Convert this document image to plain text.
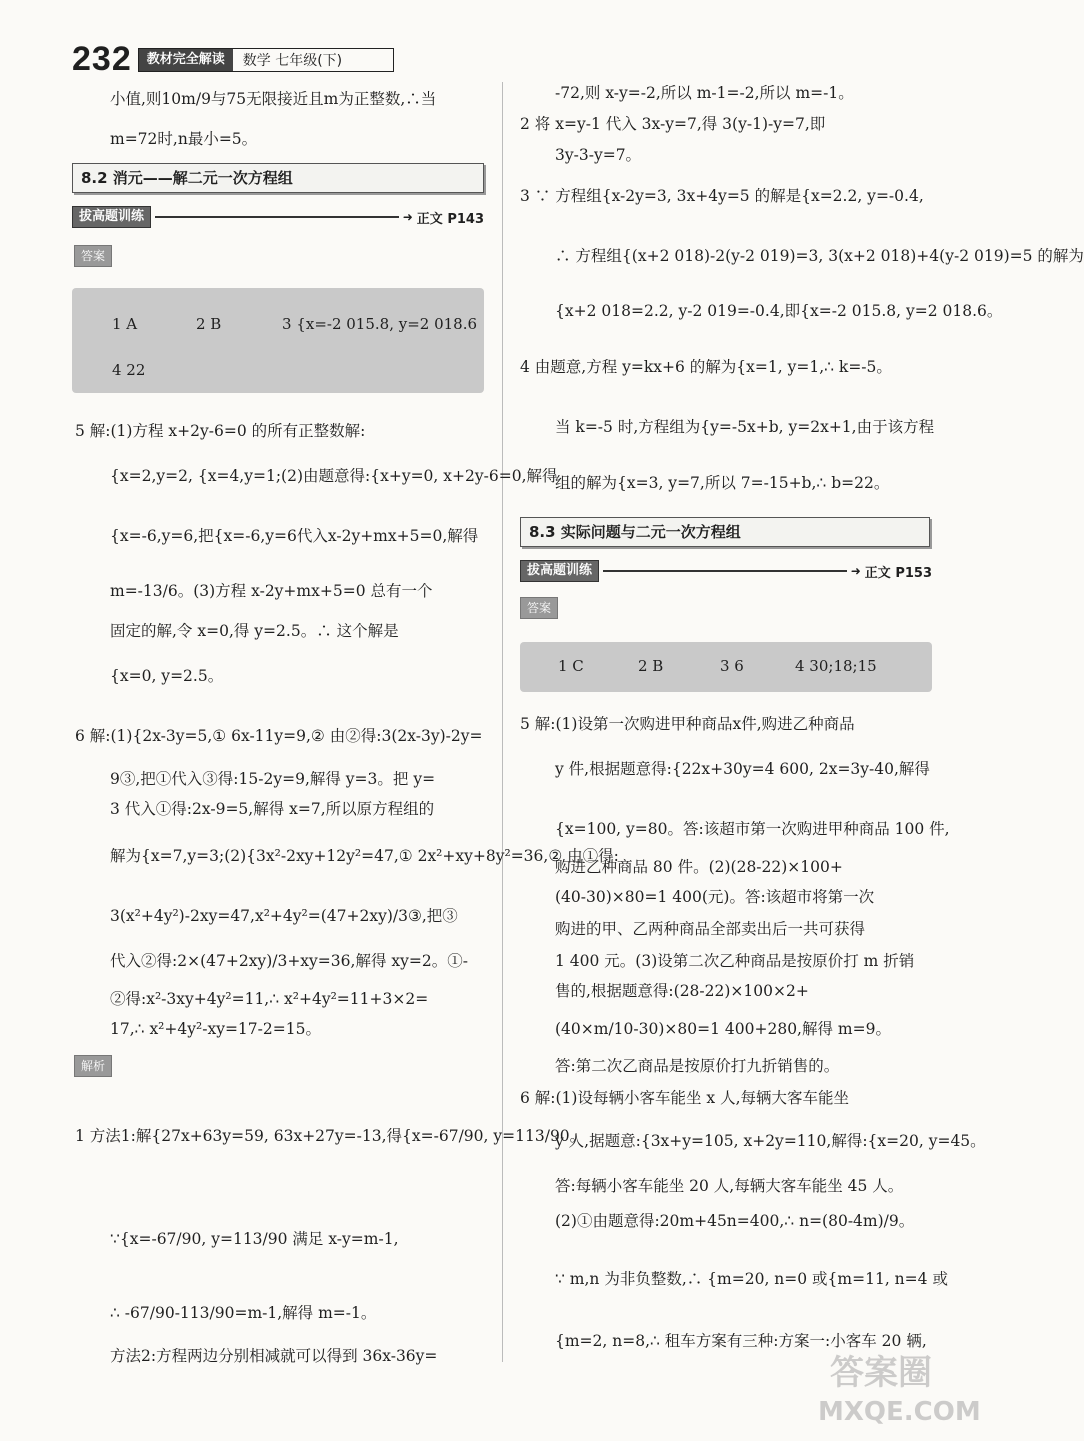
232	教材完全解读	数学 七年级(下)
小值,则10m/9与75无限接近且m为正整数,∴当
m=72时,n最小=5。
8.2 消元——解二元一次方程组
拔高题训练	➜ 正文 P143
答案
1 A	2 B	3 {x=-2 015.8, y=2 018.6
4 22
5 解:(1)方程 x+2y-6=0 的所有正整数解:
{x=2,y=2, {x=4,y=1;(2)由题意得:{x+y=0, x+2y-6=0,解得
{x=-6,y=6,把{x=-6,y=6代入x-2y+mx+5=0,解得
m=-13/6。(3)方程 x-2y+mx+5=0 总有一个
固定的解,令 x=0,得 y=2.5。∴ 这个解是
{x=0, y=2.5。
6 解:(1){2x-3y=5,① 6x-11y=9,② 由②得:3(2x-3y)-2y=
9③,把①代入③得:15-2y=9,解得 y=3。把 y=
3 代入①得:2x-9=5,解得 x=7,所以原方程组的
解为{x=7,y=3;(2){3x²-2xy+12y²=47,① 2x²+xy+8y²=36,② 由①得:
3(x²+4y²)-2xy=47,x²+4y²=(47+2xy)/3③,把③
代入②得:2×(47+2xy)/3+xy=36,解得 xy=2。①-
②得:x²-3xy+4y²=11,∴ x²+4y²=11+3×2=
17,∴ x²+4y²-xy=17-2=15。
解析
1 方法1:解{27x+63y=59, 63x+27y=-13,得{x=-67/90, y=113/90。
∵{x=-67/90, y=113/90 满足 x-y=m-1,
∴ -67/90-113/90=m-1,解得 m=-1。
方法2:方程两边分别相减就可以得到 36x-36y=
-72,则 x-y=-2,所以 m-1=-2,所以 m=-1。
2 将 x=y-1 代入 3x-y=7,得 3(y-1)-y=7,即
3y-3-y=7。
3 ∵ 方程组{x-2y=3, 3x+4y=5 的解是{x=2.2, y=-0.4,
∴ 方程组{(x+2 018)-2(y-2 019)=3, 3(x+2 018)+4(y-2 019)=5 的解为
{x+2 018=2.2, y-2 019=-0.4,即{x=-2 015.8, y=2 018.6。
4 由题意,方程 y=kx+6 的解为{x=1, y=1,∴ k=-5。
当 k=-5 时,方程组为{y=-5x+b, y=2x+1,由于该方程
组的解为{x=3, y=7,所以 7=-15+b,∴ b=22。
8.3 实际问题与二元一次方程组
拔高题训练	➜ 正文 P153
答案
1 C	2 B	3 6	4 30;18;15
5 解:(1)设第一次购进甲种商品x件,购进乙种商品
y 件,根据题意得:{22x+30y=4 600, 2x=3y-40,解得
{x=100, y=80。答:该超市第一次购进甲种商品 100 件,
购进乙种商品 80 件。(2)(28-22)×100+
(40-30)×80=1 400(元)。答:该超市将第一次
购进的甲、乙两种商品全部卖出后一共可获得
1 400 元。(3)设第二次乙种商品是按原价打 m 折销
售的,根据题意得:(28-22)×100×2+
(40×m/10-30)×80=1 400+280,解得 m=9。
答:第二次乙商品是按原价打九折销售的。
6 解:(1)设每辆小客车能坐 x 人,每辆大客车能坐
y 人,据题意:{3x+y=105, x+2y=110,解得:{x=20, y=45。
答:每辆小客车能坐 20 人,每辆大客车能坐 45 人。
(2)①由题意得:20m+45n=400,∴ n=(80-4m)/9。
∵ m,n 为非负整数,∴ {m=20, n=0 或{m=11, n=4 或
{m=2, n=8,∴ 租车方案有三种:方案一:小客车 20 辆,
答案圈
MXQE.COM
